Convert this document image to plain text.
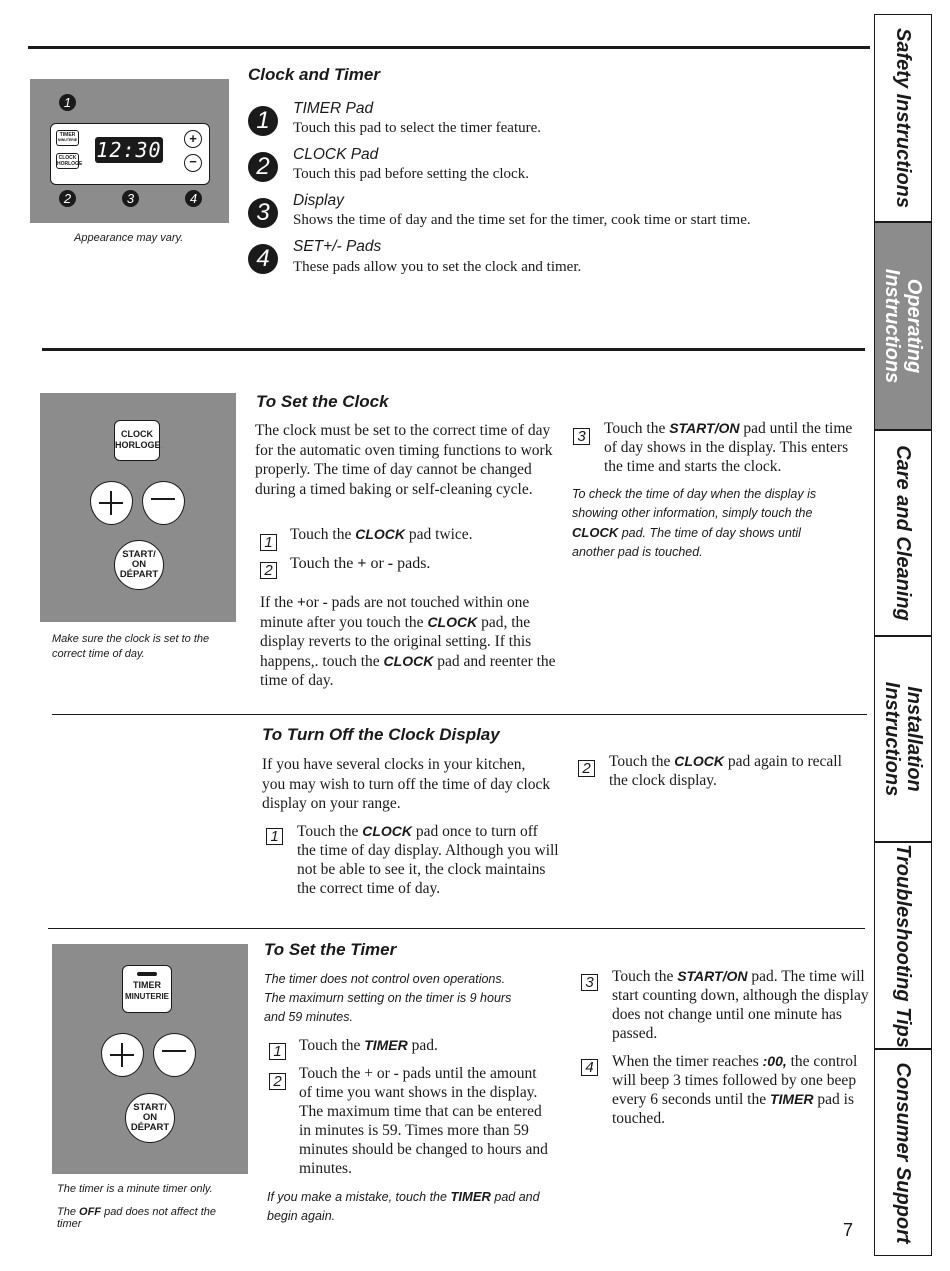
Safety Instructions
Operating Instructions
Care and Cleaning
Installation Instructions
Troubleshooting Tips
Consumer Support
1
TIMER
MINUTERIE
CLOCK
HORLOGE
12:30	+
−
2	3	4
Appearance may vary.
Clock and Timer
1	TIMER Pad
Touch this pad to select the timer feature.
2	CLOCK Pad
Touch this pad before setting the clock.
3	Display
Shows the time of day and the time set for the timer, cook time or start time.
4	SET+/- Pads
These pads allow you to set the clock and timer.
CLOCK
HORLOGE
START/
ON
DÉPART
Make sure the clock is set to the correct time of day.
To Set the Clock
The clock must be set to the correct time of day for the automatic oven timing functions to work properly. The time of day cannot be changed during a timed baking or self-cleaning cycle.
1 Touch the CLOCK pad twice.
2 Touch the + or - pads.
If the +or - pads are not touched within one minute after you touch the CLOCK pad, the display reverts to the original setting. If this happens,. touch the CLOCK pad and reenter the time of day.
3 Touch the START/ON pad until the time of day shows in the display. This enters the time and starts the clock.
To check the time of day when the display is showing other information, simply touch the CLOCK pad. The time of day shows until another pad is touched.
To Turn Off the Clock Display
If you have several clocks in your kitchen, you may wish to turn off the time of day clock display on your range.
1 Touch the CLOCK pad once to turn off the time of day display. Although you will not be able to see it, the clock maintains the correct time of day.
2 Touch the CLOCK pad again to recall the clock display.
TIMER
MINUTERIE
START/
ON
DÉPART
The timer is a minute timer only.
The OFF pad does not affect the timer
To Set the Timer
The timer does not control oven operations. The maximurn setting on the timer is 9 hours and 59 minutes.
1 Touch the TIMER pad.
2 Touch the + or - pads until the amount of time you want shows in the display. The maximum time that can be entered in minutes is 59. Times more than 59 minutes should be changed to hours and minutes.
If you make a mistake, touch the TIMER pad and begin again.
3 Touch the START/ON pad. The time will start counting down, although the display does not change until one minute has passed.
4 When the timer reaches :00, the control will beep 3 times followed by one beep every 6 seconds until the TIMER pad is touched.
7
